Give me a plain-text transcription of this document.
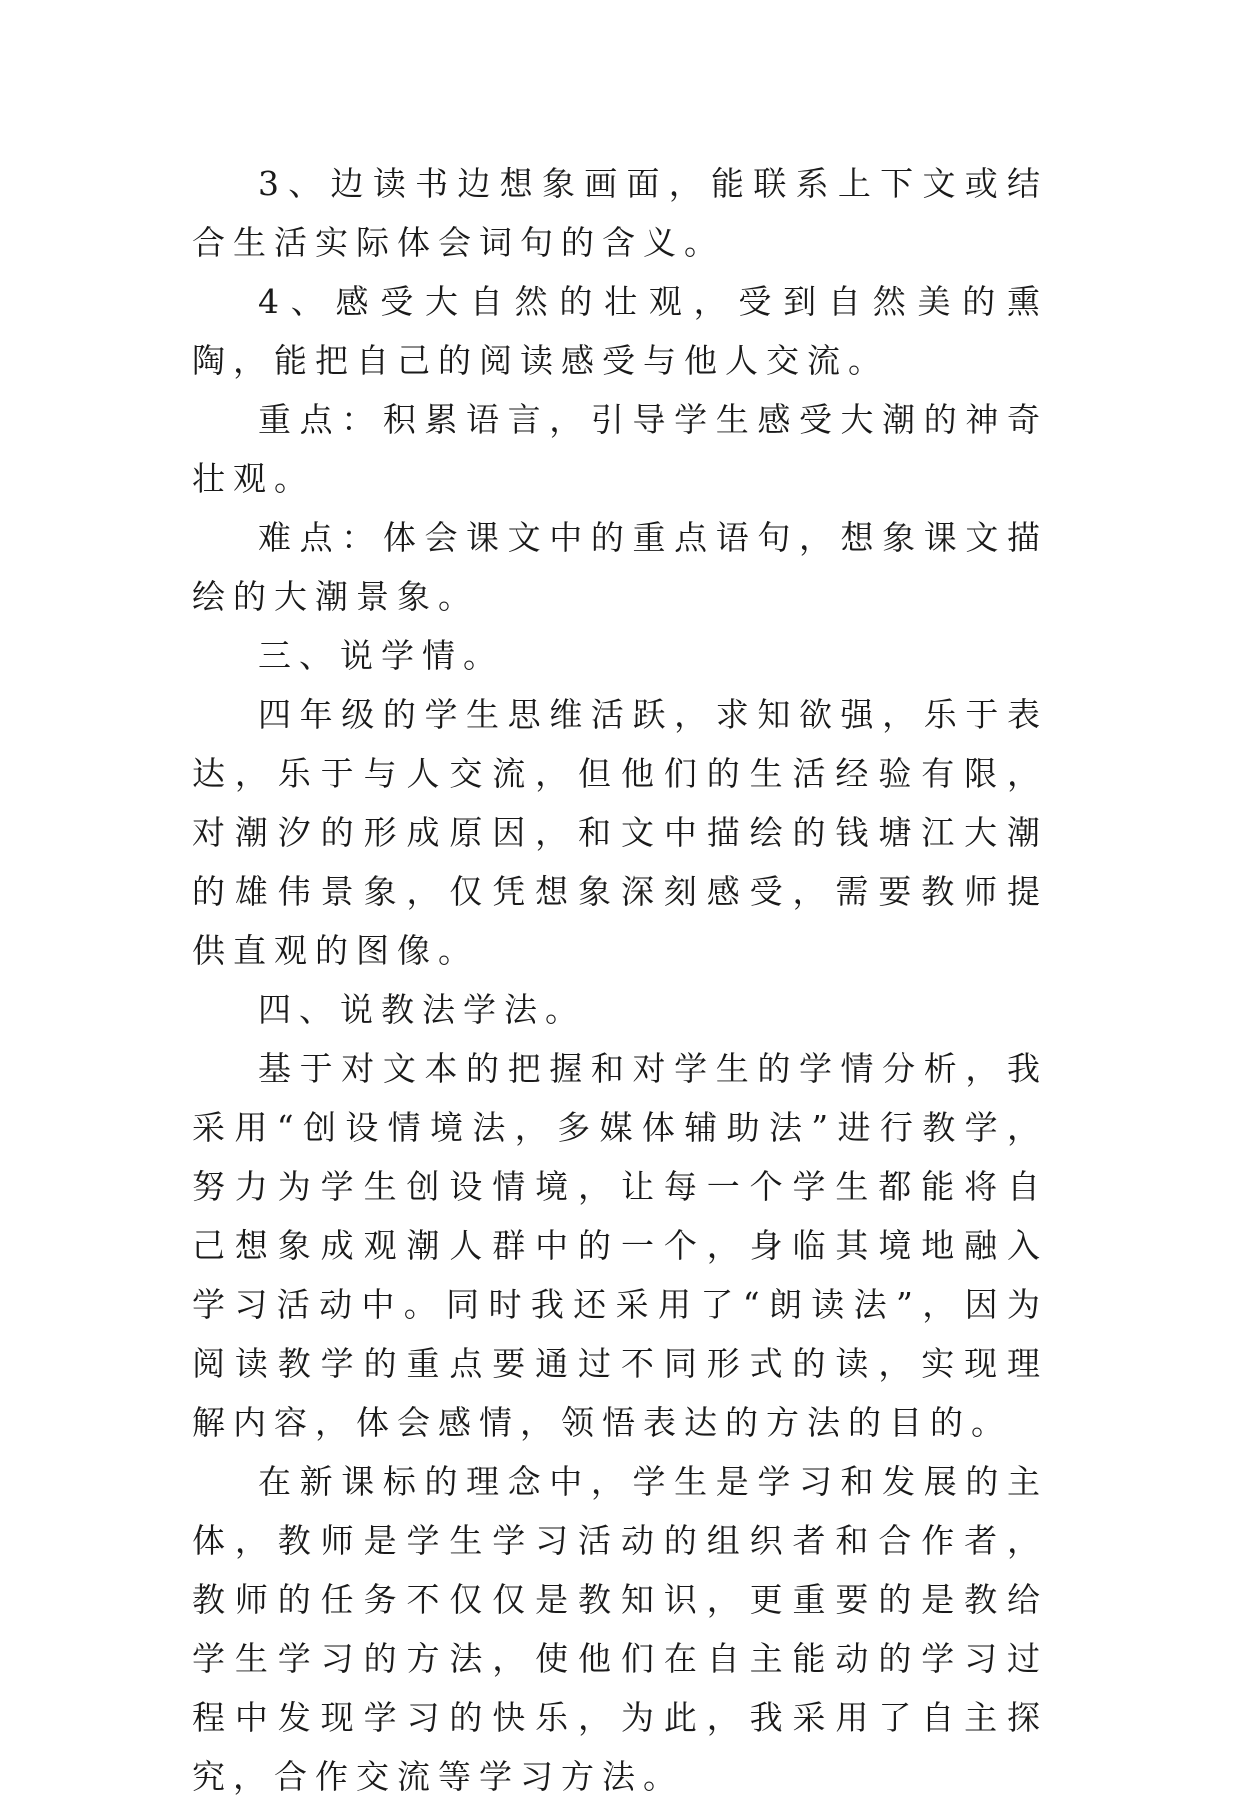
3、边读书边想象画面，能联系上下文或结合生活实际体会词句的含义。

4、感受大自然的壮观，受到自然美的熏陶，能把自己的阅读感受与他人交流。

重点：积累语言，引导学生感受大潮的神奇壮观。

难点：体会课文中的重点语句，想象课文描绘的大潮景象。

三、说学情。

四年级的学生思维活跃，求知欲强，乐于表达，乐于与人交流，但他们的生活经验有限，对潮汐的形成原因，和文中描绘的钱塘江大潮的雄伟景象，仅凭想象深刻感受，需要教师提供直观的图像。

四、说教法学法。

基于对文本的把握和对学生的学情分析，我采用“创设情境法，多媒体辅助法”进行教学，努力为学生创设情境，让每一个学生都能将自己想象成观潮人群中的一个，身临其境地融入学习活动中。同时我还采用了“朗读法”，因为阅读教学的重点要通过不同形式的读，实现理解内容，体会感情，领悟表达的方法的目的。

在新课标的理念中，学生是学习和发展的主体，教师是学生学习活动的组织者和合作者，教师的任务不仅仅是教知识，更重要的是教给学生学习的方法，使他们在自主能动的学习过程中发现学习的快乐，为此，我采用了自主探究，合作交流等学习方法。
